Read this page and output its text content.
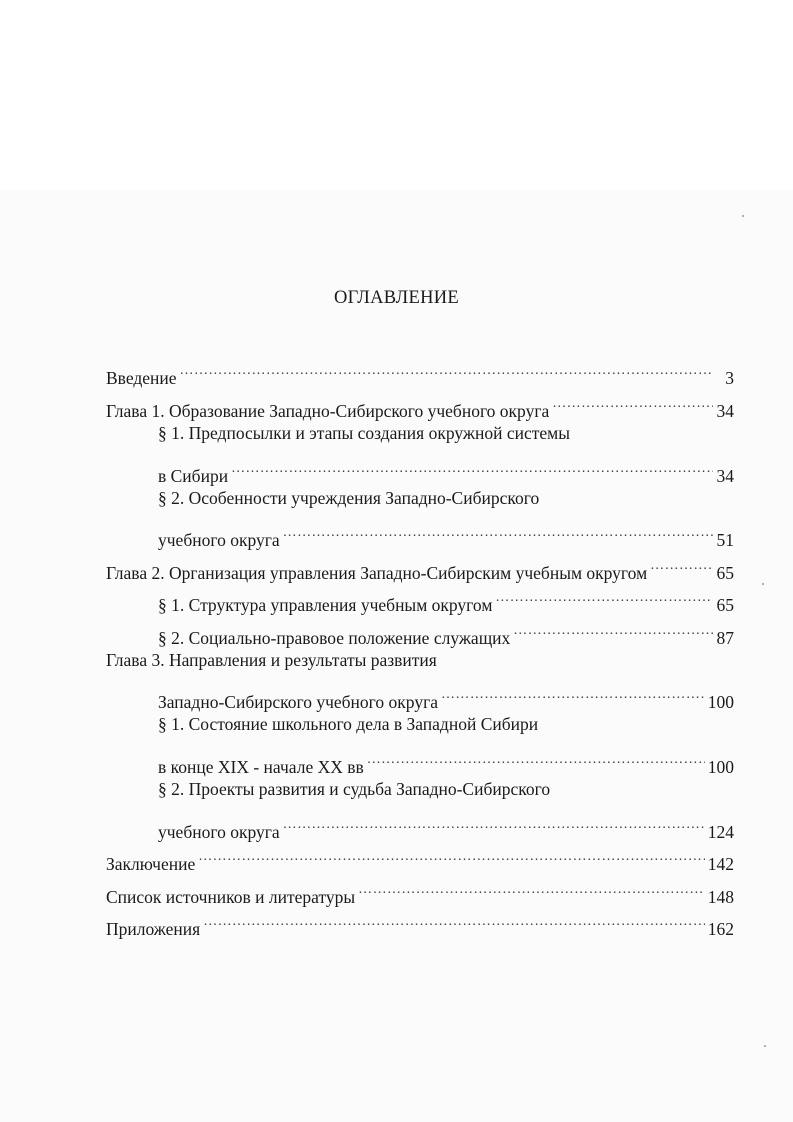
ОГЛАВЛЕНИЕ
Введение ……………………………………………………………………………………………………………………………………………………	3
Глава 1. Образование Западно-Сибирского учебного округа ……………………………………………………………………………………………………………………………………………………	34
§ 1. Предпосылки и этапы создания окружной системы
в Сибири ……………………………………………………………………………………………………………………………………………………	34
§ 2. Особенности учреждения Западно-Сибирского
учебного округа ……………………………………………………………………………………………………………………………………………………	51
Глава 2. Организация управления Западно-Сибирским учебным округом ……………………………………………………………………………………………………………………………………………………	65
§ 1. Структура управления учебным округом ……………………………………………………………………………………………………………………………………………………	65
§ 2. Социально-правовое положение служащих ……………………………………………………………………………………………………………………………………………………	87
Глава 3. Направления и результаты развития
Западно-Сибирского учебного округа ……………………………………………………………………………………………………………………………………………………	100
§ 1. Состояние школьного дела в Западной Сибири
в конце XIX - начале XX вв ……………………………………………………………………………………………………………………………………………………	100
§ 2. Проекты развития и судьба Западно-Сибирского
учебного округа ……………………………………………………………………………………………………………………………………………………	124
Заключение ……………………………………………………………………………………………………………………………………………………	142
Список источников и литературы ……………………………………………………………………………………………………………………………………………………	148
Приложения ……………………………………………………………………………………………………………………………………………………	162
